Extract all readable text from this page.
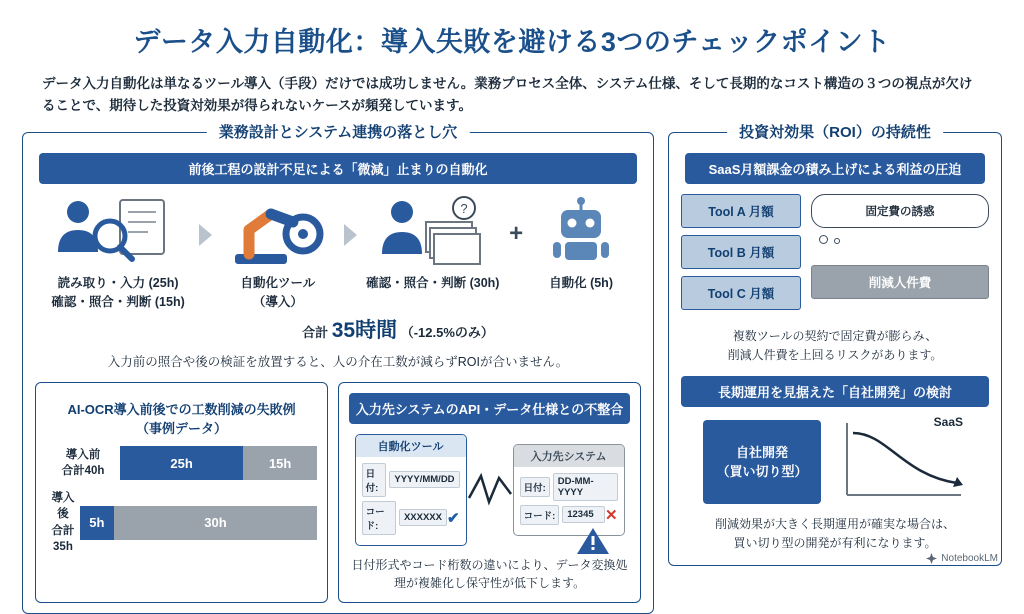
データ入力自動化：導入失敗を避ける3つのチェックポイント
データ入力自動化は単なるツール導入（手段）だけでは成功しません。業務プロセス全体、システム仕様、そして長期的なコスト構造の３つの視点が欠けることで、期待した投資対効果が得られないケースが頻発しています。
業務設計とシステム連携の落とし穴
前後工程の設計不足による「微減」止まりの自動化
読み取り・入力 (25h)
確認・照合・判断 (15h)
自動化ツール
（導入）
?
確認・照合・判断 (30h)
+
自動化 (5h)
合計 35時間 （-12.5%のみ）
入力前の照合や後の検証を放置すると、人の介在工数が減らずROIが合いません。
AI-OCR導入前後での工数削減の失敗例
（事例データ）
導入前
合計40h
25h	15h
導入後
合計35h
5h	30h
入力先システムのAPI・データ仕様との不整合
自動化ツール
日付:
YYYY/MM/DD
コード:
XXXXXX ✔
入力先システム
日付:
DD-MM-YYYY
コード:	12345 ✕
日付形式やコード桁数の違いにより、データ変換処理が複雑化し保守性が低下します。
投資対効果（ROI）の持続性
SaaS月額課金の積み上げによる利益の圧迫
Tool A 月額
Tool B 月額
Tool C 月額
固定費の誘惑

削減人件費
複数ツールの契約で固定費が膨らみ、
削減人件費を上回るリスクがあります。
長期運用を見据えた「自社開発」の検討
自社開発
（買い切り型）
SaaS
削減効果が大きく長期運用が確実な場合は、
買い切り型の開発が有利になります。
NotebookLM
